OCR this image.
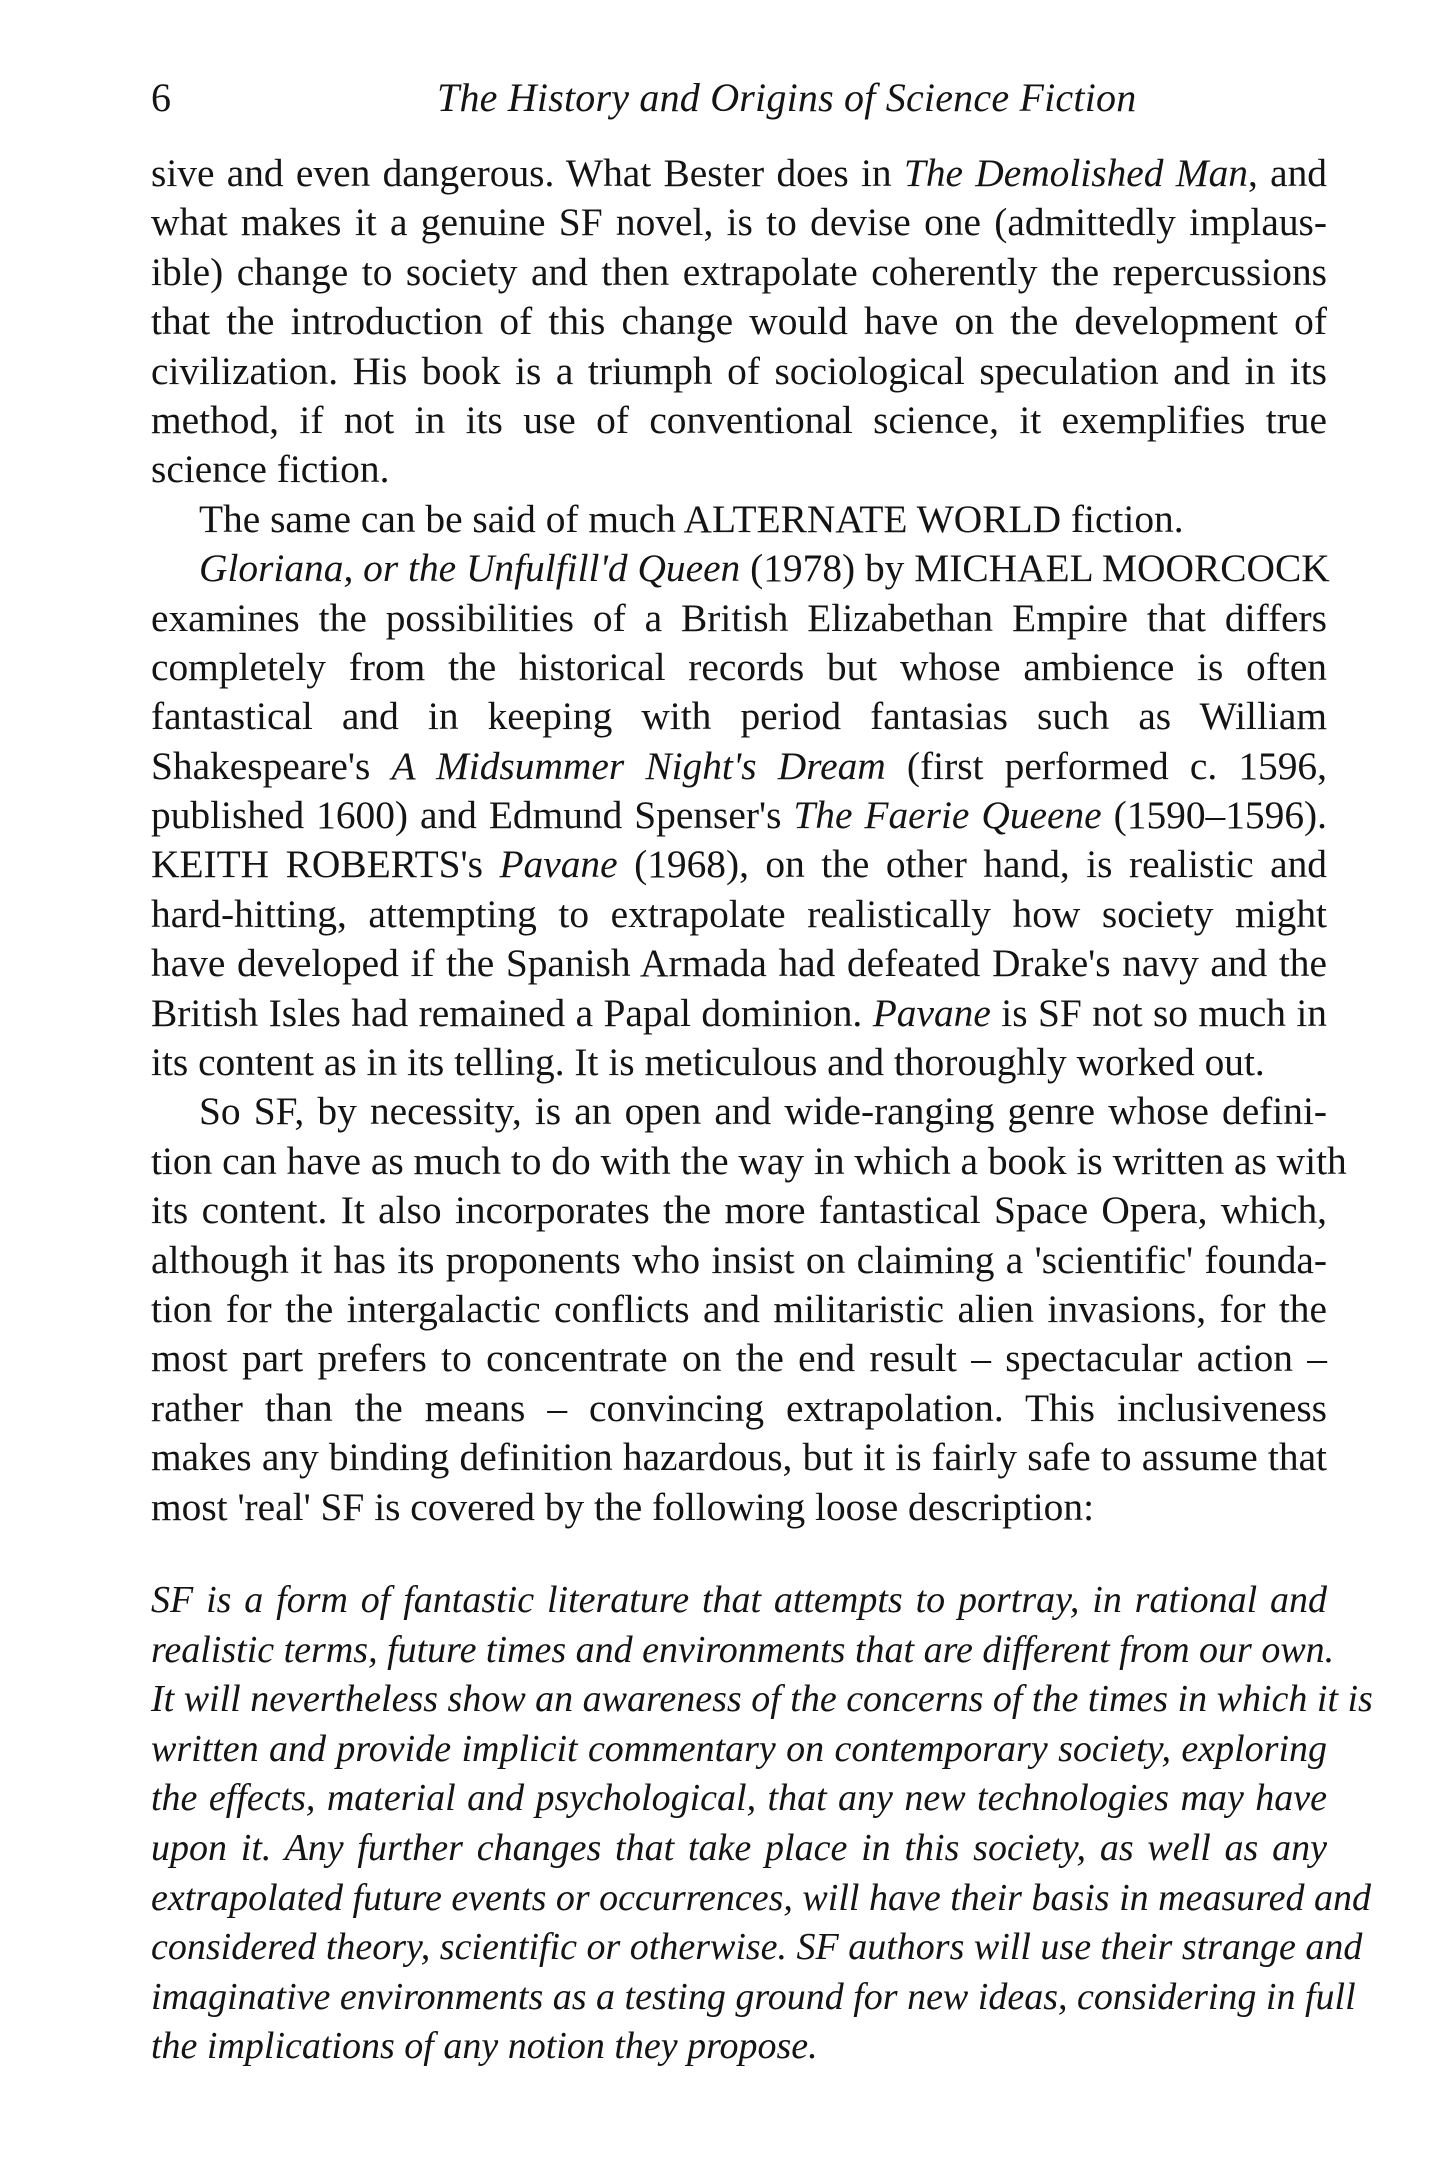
6	The History and Origins of Science Fiction
sive and even dangerous. What Bester does in The Demolished Man, and
what makes it a genuine SF novel, is to devise one (admittedly implaus-
ible) change to society and then extrapolate coherently the repercussions
that the introduction of this change would have on the development of
civilization. His book is a triumph of sociological speculation and in its
method, if not in its use of conventional science, it exemplifies true
science fiction.
The same can be said of much ALTERNATE WORLD fiction.
Gloriana, or the Unfulfill'd Queen (1978) by MICHAEL MOORCOCK
examines the possibilities of a British Elizabethan Empire that differs
completely from the historical records but whose ambience is often
fantastical and in keeping with period fantasias such as William
Shakespeare's A Midsummer Night's Dream (first performed c. 1596,
published 1600) and Edmund Spenser's The Faerie Queene (1590–1596).
KEITH ROBERTS's Pavane (1968), on the other hand, is realistic and
hard-hitting, attempting to extrapolate realistically how society might
have developed if the Spanish Armada had defeated Drake's navy and the
British Isles had remained a Papal dominion. Pavane is SF not so much in
its content as in its telling. It is meticulous and thoroughly worked out.
So SF, by necessity, is an open and wide-ranging genre whose defini-
tion can have as much to do with the way in which a book is written as with
its content. It also incorporates the more fantastical Space Opera, which,
although it has its proponents who insist on claiming a 'scientific' founda-
tion for the intergalactic conflicts and militaristic alien invasions, for the
most part prefers to concentrate on the end result – spectacular action –
rather than the means – convincing extrapolation. This inclusiveness
makes any binding definition hazardous, but it is fairly safe to assume that
most 'real' SF is covered by the following loose description:
SF is a form of fantastic literature that attempts to portray, in rational and
realistic terms, future times and environments that are different from our own.
It will nevertheless show an awareness of the concerns of the times in which it is
written and provide implicit commentary on contemporary society, exploring
the effects, material and psychological, that any new technologies may have
upon it. Any further changes that take place in this society, as well as any
extrapolated future events or occurrences, will have their basis in measured and
considered theory, scientific or otherwise. SF authors will use their strange and
imaginative environments as a testing ground for new ideas, considering in full
the implications of any notion they propose.
